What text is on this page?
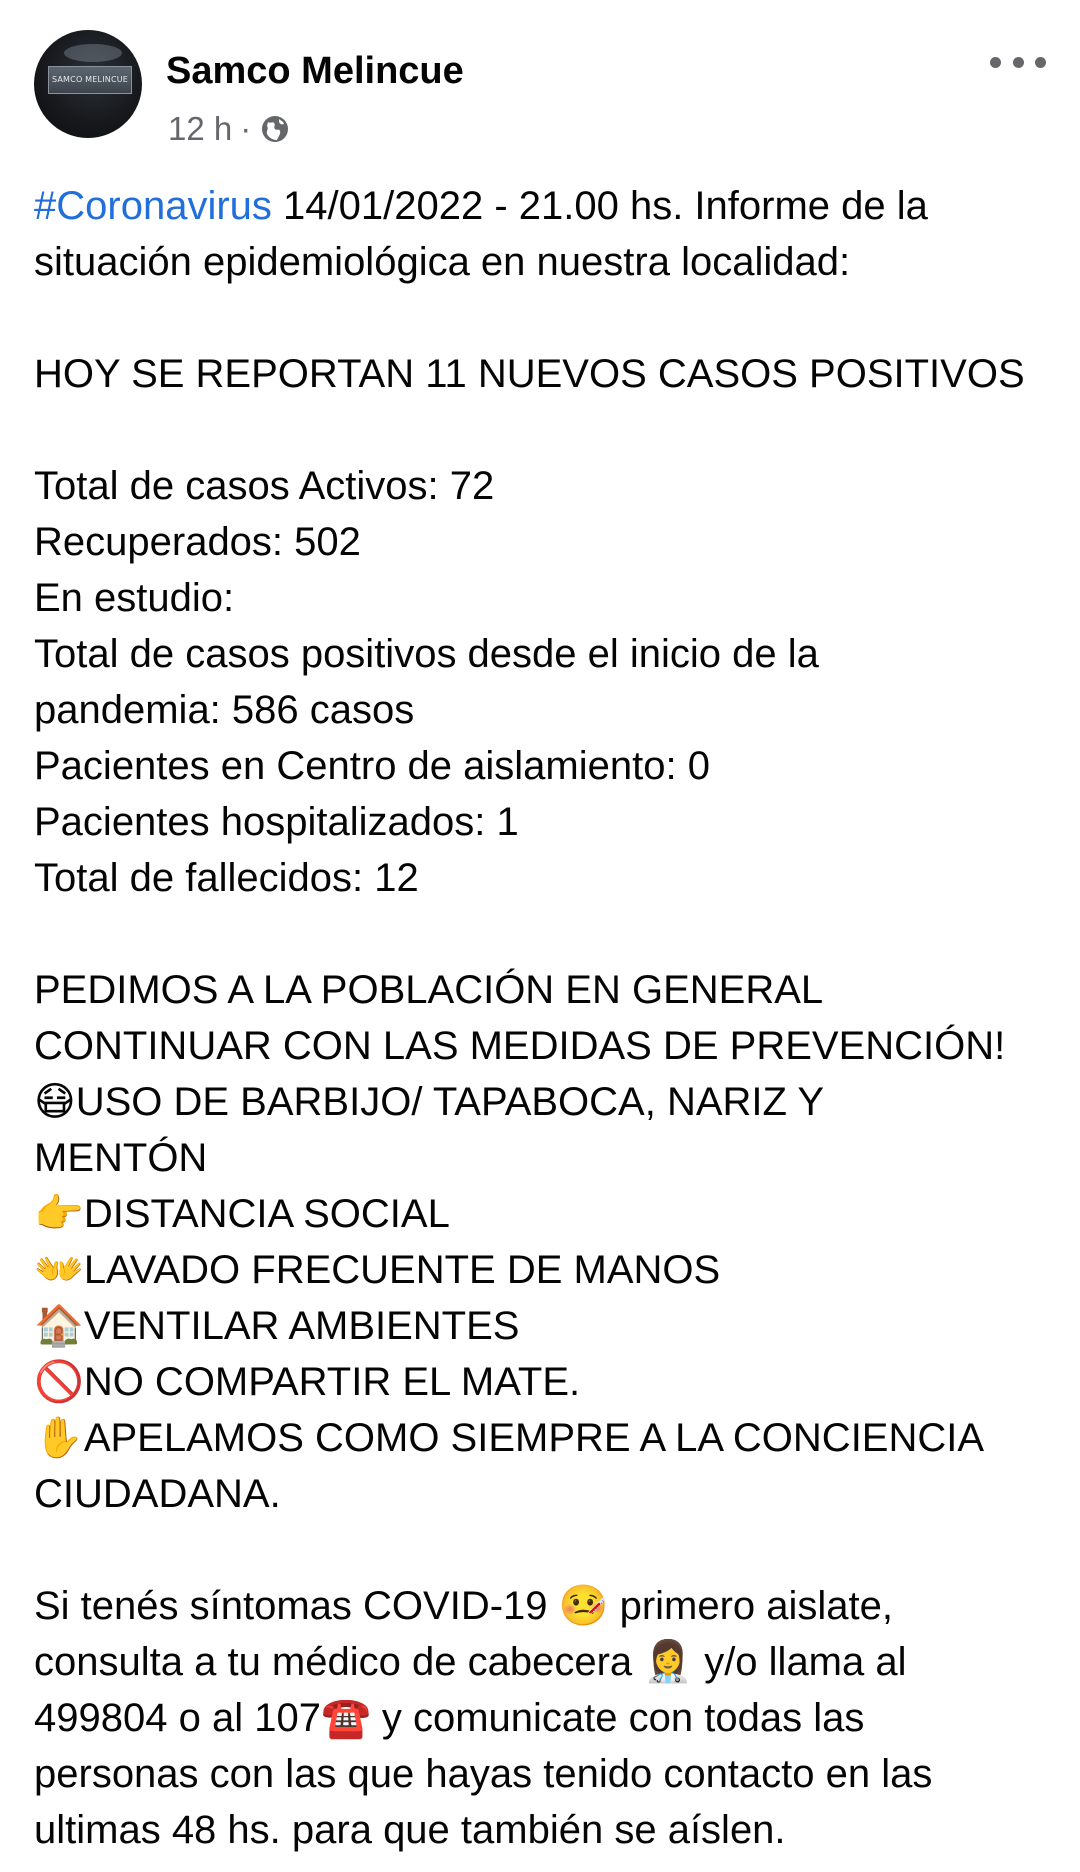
SAMCO MELINCUE Samco Melincue
12 h ·
#Coronavirus 14/01/2022 - 21.00 hs. Informe de la
situación epidemiológica en nuestra localidad:
HOY SE REPORTAN 11 NUEVOS CASOS POSITIVOS
Total de casos Activos: 72
Recuperados: 502
En estudio:
Total de casos positivos desde el inicio de la
pandemia: 586 casos
Pacientes en Centro de aislamiento: 0
Pacientes hospitalizados: 1
Total de fallecidos: 12
PEDIMOS A LA POBLACIÓN EN GENERAL
CONTINUAR CON LAS MEDIDAS DE PREVENCIÓN!
😷USO DE BARBIJO/ TAPABOCA, NARIZ Y
MENTÓN
👉DISTANCIA SOCIAL
👐LAVADO FRECUENTE DE MANOS
🏠VENTILAR AMBIENTES
🚫NO COMPARTIR EL MATE.
✋APELAMOS COMO SIEMPRE A LA CONCIENCIA
CIUDADANA.
Si tenés síntomas COVID-19 🤒 primero aislate,
consulta a tu médico de cabecera 👩‍⚕️ y/o llama al
499804 o al 107☎️ y comunicate con todas las
personas con las que hayas tenido contacto en las
ultimas 48 hs. para que también se aíslen.
